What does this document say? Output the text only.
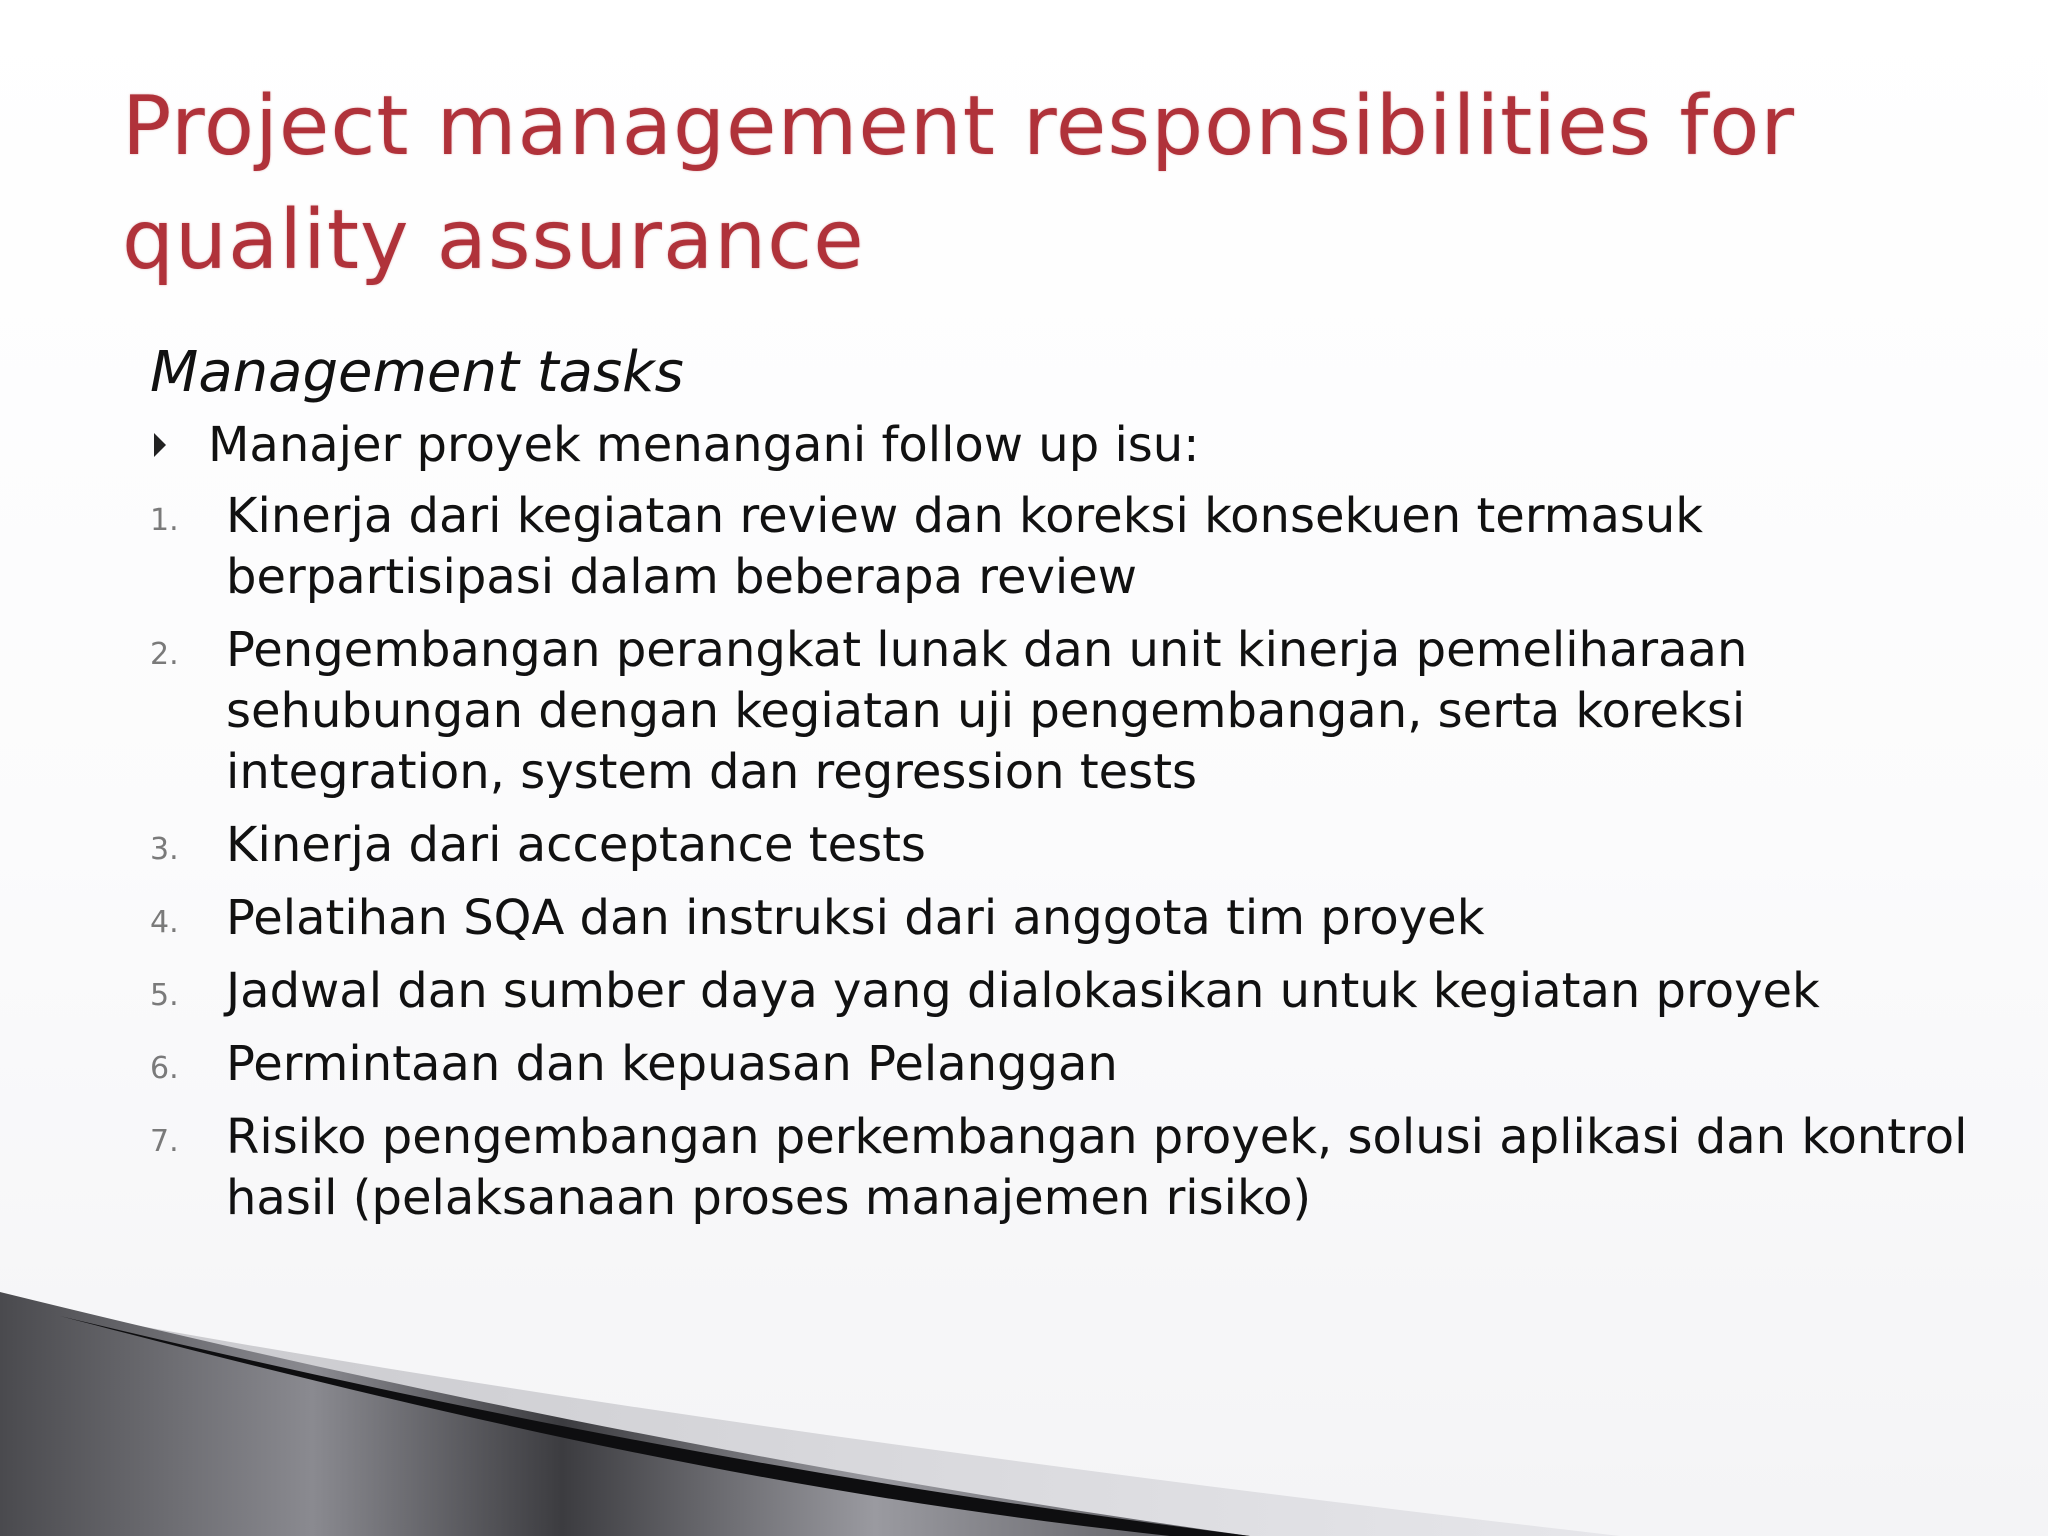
Project management responsibilities for
quality assurance
Management tasks
Manajer proyek menangani follow up isu:
1. Kinerja dari kegiatan review dan koreksi konsekuen termasuk berpartisipasi dalam beberapa review
2. Pengembangan perangkat lunak dan unit kinerja pemeliharaan sehubungan dengan kegiatan uji pengembangan, serta koreksi integration, system dan regression tests
3. Kinerja dari acceptance tests
4. Pelatihan SQA dan instruksi dari anggota tim proyek
5. Jadwal dan sumber daya yang dialokasikan untuk kegiatan proyek
6. Permintaan dan kepuasan Pelanggan
7. Risiko pengembangan perkembangan proyek, solusi aplikasi dan kontrol hasil (pelaksanaan proses manajemen risiko)
